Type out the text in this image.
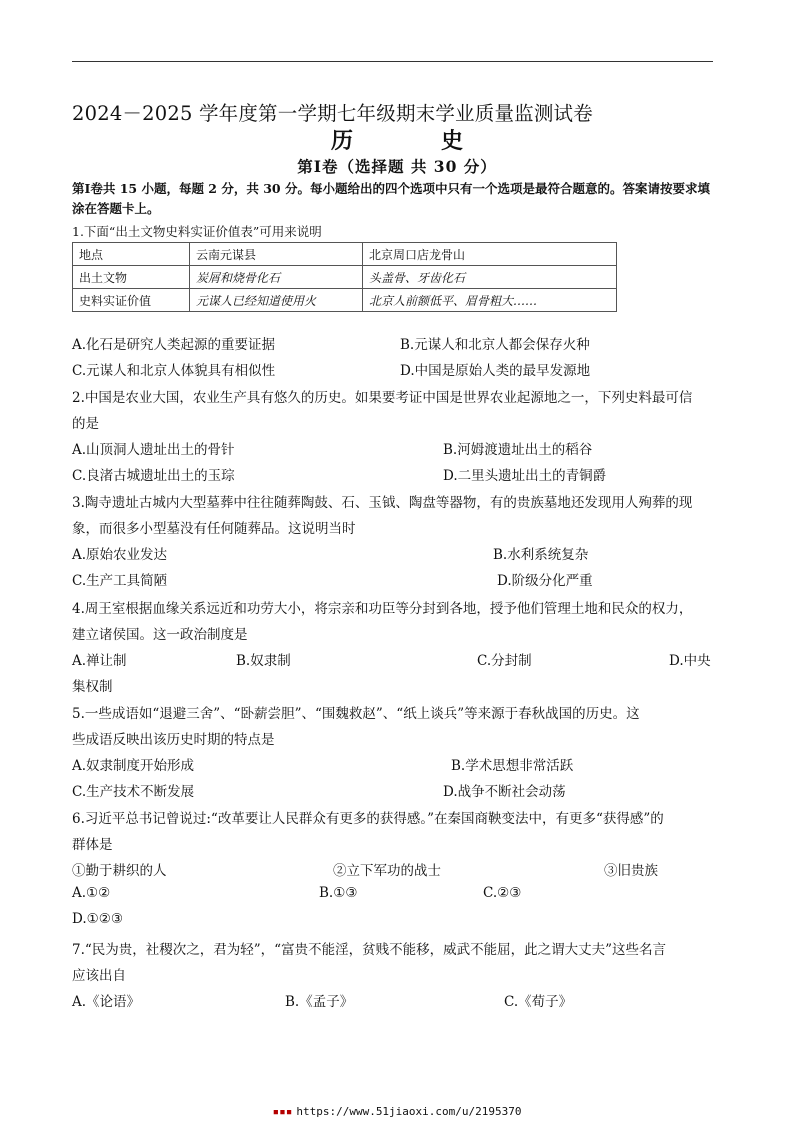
2024－2025 学年度第一学期七年级期末学业质量监测试卷
历	史
第Ⅰ卷（选择题 共 30 分）
第Ⅰ卷共 15 小题，每题 2 分，共 30 分。每小题给出的四个选项中只有一个选项是最符合题意的。答案请按要求填涂在答题卡上。
1.下面“出土文物史料实证价值表”可用来说明
地点	云南元谋县	北京周口店龙骨山
出土文物	炭屑和烧骨化石	头盖骨、牙齿化石
史料实证价值	元谋人已经知道使用火	北京人前额低平、眉骨粗大……
A.化石是研究人类起源的重要证据	B.元谋人和北京人都会保存火种
C.元谋人和北京人体貌具有相似性	D.中国是原始人类的最早发源地
2.中国是农业大国，农业生产具有悠久的历史。如果要考证中国是世界农业起源地之一，下列史料最可信
的是
A.山顶洞人遗址出土的骨针	B.河姆渡遗址出土的稻谷
C.良渚古城遗址出土的玉琮	D.二里头遗址出土的青铜爵
3.陶寺遗址古城内大型墓葬中往往随葬陶鼓、石、玉钺、陶盘等器物，有的贵族墓地还发现用人殉葬的现
象，而很多小型墓没有任何随葬品。这说明当时
A.原始农业发达	B.水利系统复杂
C.生产工具简陋	D.阶级分化严重
4.周王室根据血缘关系远近和功劳大小，将宗亲和功臣等分封到各地，授予他们管理土地和民众的权力，
建立诸侯国。这一政治制度是
A.禅让制	B.奴隶制	C.分封制	D.中央
集权制
5.一些成语如“退避三舍”、“卧薪尝胆”、“围魏救赵”、“纸上谈兵”等来源于春秋战国的历史。这
些成语反映出该历史时期的特点是
A.奴隶制度开始形成	B.学术思想非常活跃
C.生产技术不断发展	D.战争不断社会动荡
6.习近平总书记曾说过:“改革要让人民群众有更多的获得感。”在秦国商鞅变法中，有更多“获得感”的
群体是
①勤于耕织的人	②立下军功的战士	③旧贵族
A.①②	B.①③	C.②③
D.①②③
7.“民为贵，社稷次之，君为轻”，“富贵不能淫，贫贱不能移，威武不能屈，此之谓大丈夫”这些名言
应该出自
A.《论语》	B.《孟子》	C.《荀子》
▪▪▪ https://www.51jiaoxi.com/u/2195370
